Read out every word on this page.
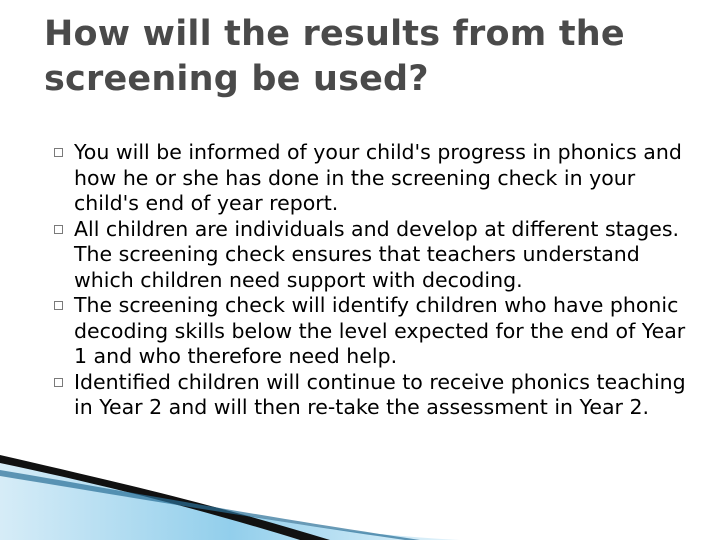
How will the results from the screening be used?
You will be informed of your child's progress in phonics and how he or she has done in the screening check in your child's end of year report.
All children are individuals and develop at different stages. The screening check ensures that teachers understand which children need support with decoding.
The screening check will identify children who have phonic decoding skills below the level expected for the end of Year 1 and who therefore need help.
Identified children will continue to receive phonics teaching in Year 2 and will then re-take the assessment in Year 2.
